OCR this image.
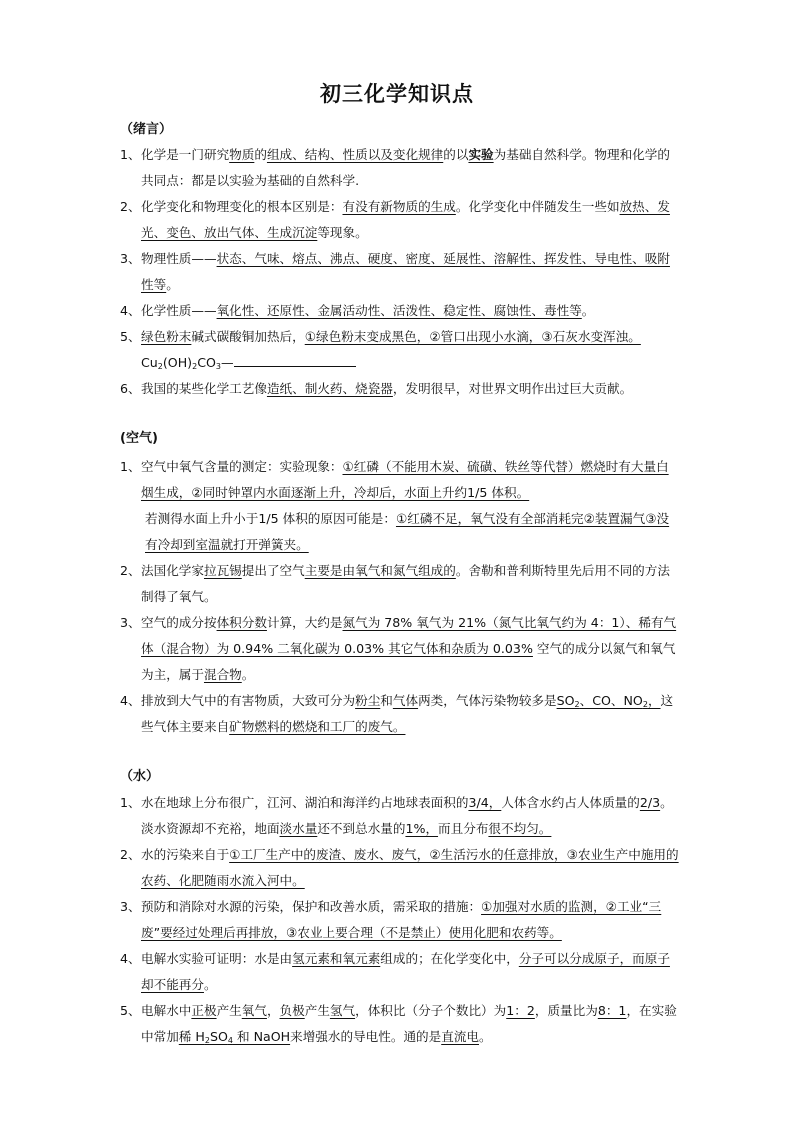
初三化学知识点
（绪言）
1、 化学是一门研究物质的组成、结构、性质以及变化规律的以实验为基础自然科学。物理和化学的共同点：都是以实验为基础的自然科学.
2、 化学变化和物理变化的根本区别是：有没有新物质的生成。化学变化中伴随发生一些如放热、发光、变色、放出气体、生成沉淀等现象。
3、 物理性质——状态、气味、熔点、沸点、硬度、密度、延展性、溶解性、挥发性、导电性、吸附性等。
4、 化学性质——氧化性、还原性、金属活动性、活泼性、稳定性、腐蚀性、毒性等。
5、 绿色粉末碱式碳酸铜加热后，①绿色粉末变成黑色，②管口出现小水滴，③石灰水变浑浊。$Cu_2(OH)_2CO_3—$
6、 我国的某些化学工艺像造纸、制火药、烧瓷器，发明很早，对世界文明作出过巨大贡献。
(空气)
1、 空气中氧气含量的测定：实验现象：①红磷（不能用木炭、硫磺、铁丝等代替）燃烧时有大量白烟生成，②同时钟罩内水面逐渐上升，冷却后，水面上升约1/5 体积。
若测得水面上升小于1/5 体积的原因可能是：①红磷不足，氧气没有全部消耗完②装置漏气③没有冷却到室温就打开弹簧夹。
2、 法国化学家拉瓦锡提出了空气主要是由氧气和氮气组成的。舍勒和普利斯特里先后用不同的方法制得了氧气。
3、 空气的成分按体积分数计算，大约是氮气为 78% 氧气为 21%（氮气比氧气约为 4：1）、稀有气体（混合物）为 0.94% 二氧化碳为 0.03% 其它气体和杂质为 0.03% 空气的成分以氮气和氧气为主，属于混合物。
4、 排放到大气中的有害物质，大致可分为粉尘和气体两类，气体污染物较多是$SO_2$、CO、$NO_2$，这些气体主要来自矿物燃料的燃烧和工厂的废气。
（水）
1、 水在地球上分布很广，江河、湖泊和海洋约占地球表面积的3/4，人体含水约占人体质量的2/3。淡水资源却不充裕，地面淡水量还不到总水量的1%，而且分布很不均匀。
2、 水的污染来自于①工厂生产中的废渣、废水、废气，②生活污水的任意排放，③农业生产中施用的农药、化肥随雨水流入河中。
3、 预防和消除对水源的污染，保护和改善水质，需采取的措施：①加强对水质的监测，②工业“三废”要经过处理后再排放，③农业上要合理（不是禁止）使用化肥和农药等。
4、 电解水实验可证明：水是由氢元素和氧元素组成的；在化学变化中，分子可以分成原子，而原子却不能再分。
5、 电解水中正极产生氧气，负极产生氢气，体积比（分子个数比）为1：2，质量比为8：1，在实验中常加稀 $H_2SO_4$ 和 NaOH来增强水的导电性。通的是直流电。
